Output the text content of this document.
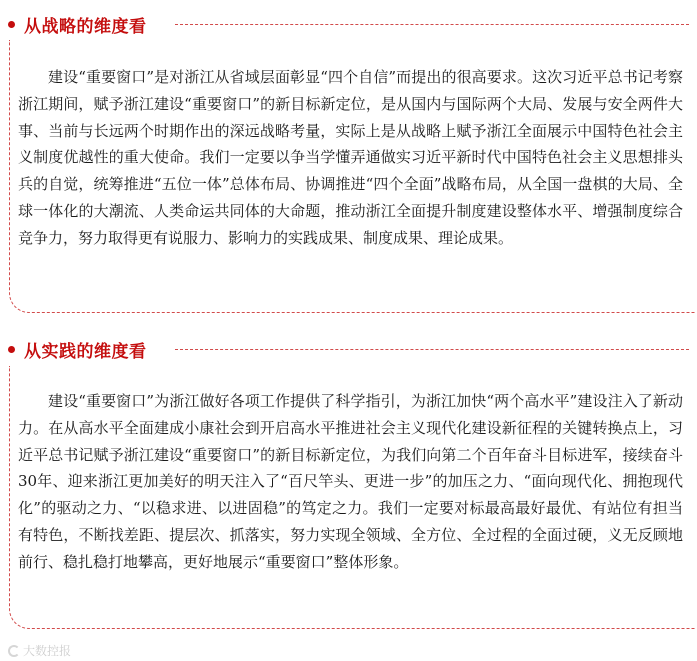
从战略的维度看

建设“重要窗口”是对浙江从省域层面彰显“四个自信”而提出的很高要求。这次习近平总书记考察浙江期间，赋予浙江建设“重要窗口”的新目标新定位，是从国内与国际两个大局、发展与安全两件大事、当前与长远两个时期作出的深远战略考量，实际上是从战略上赋予浙江全面展示中国特色社会主义制度优越性的重大使命。我们一定要以争当学懂弄通做实习近平新时代中国特色社会主义思想排头兵的自觉，统筹推进“五位一体”总体布局、协调推进“四个全面”战略布局，从全国一盘棋的大局、全球一体化的大潮流、人类命运共同体的大命题，推动浙江全面提升制度建设整体水平、增强制度综合竞争力，努力取得更有说服力、影响力的实践成果、制度成果、理论成果。

从实践的维度看

建设“重要窗口”为浙江做好各项工作提供了科学指引，为浙江加快“两个高水平”建设注入了新动力。在从高水平全面建成小康社会到开启高水平推进社会主义现代化建设新征程的关键转换点上，习近平总书记赋予浙江建设“重要窗口”的新目标新定位，为我们向第二个百年奋斗目标进军，接续奋斗30年、迎来浙江更加美好的明天注入了“百尺竿头、更进一步”的加压之力、“面向现代化、拥抱现代化”的驱动之力、“以稳求进、以进固稳”的笃定之力。我们一定要对标最高最好最优、有站位有担当有特色，不断找差距、提层次、抓落实，努力实现全领域、全方位、全过程的全面过硬，义无反顾地前行、稳扎稳打地攀高，更好地展示“重要窗口”整体形象。

大数控报
